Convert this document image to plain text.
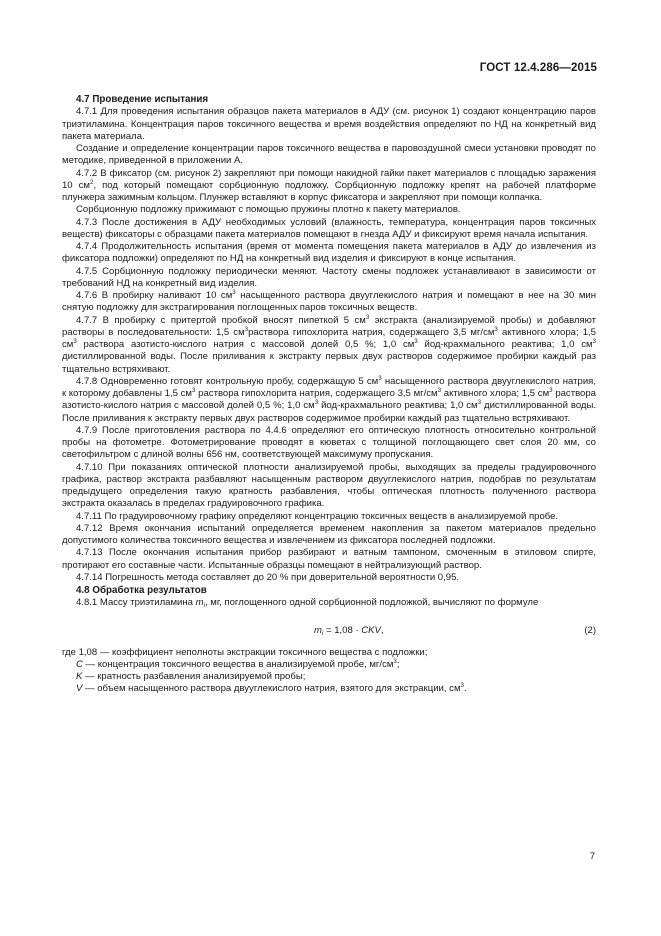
ГОСТ 12.4.286—2015
4.7 Проведение испытания

4.7.1 Для проведения испытания образцов пакета материалов в АДУ (см. рисунок 1) создают концентрацию паров триэтиламина. Концентрация паров токсичного вещества и время воздействия определяют по НД на конкретный вид пакета материала.

Создание и определение концентрации паров токсичного вещества в паровоздушной смеси установки проводят по методике, приведенной в приложении А.

4.7.2 В фиксатор (см. рисунок 2) закрепляют при помощи накидной гайки пакет материалов с площадью заражения 10 $см^2$, под который помещают сорбционную подложку. Сорбционную подложку крепят на рабочей платформе плунжера зажимным кольцом. Плунжер вставляют в корпус фиксатора и закрепляют при помощи колпачка.

Сорбционную подложку прижимают с помощью пружины плотно к пакету материалов.

4.7.3 После достижения в АДУ необходимых условий (влажность, температура, концентрация паров токсичных веществ) фиксаторы с образцами пакета материалов помещают в гнезда АДУ и фиксируют время начала испытания.

4.7.4 Продолжительность испытания (время от момента помещения пакета материалов в АДУ до извлечения из фиксатора подложки) определяют по НД на конкретный вид изделия и фиксируют в конце испытания.

4.7.5 Сорбционную подложку периодически меняют. Частоту смены подложек устанавливают в зависимости от требований НД на конкретный вид изделия.

4.7.6 В пробирку наливают 10 $см^3$ насыщенного раствора двууглекислого натрия и помещают в нее на 30 мин снятую подложку для экстрагирования поглощенных паров токсичных веществ.

4.7.7 В пробирку с притертой пробкой вносят пипеткой 5 $см^3$ экстракта (анализируемой пробы) и добавляют растворы в последовательности: 1,5 $см^3раствора$ гипохлорита натрия, содержащего 3,5 $мг/см^3$ активного хлора; 1,5 $см^3$ раствора азотисто-кислого натрия с массовой долей 0,5 %; 1,0 $см^3$ йод-крахмального реактива; 1,0 $см^3$ дистиллированной воды. После приливания к экстракту первых двух растворов содержимое пробирки каждый раз тщательно встряхивают.

4.7.8 Одновременно готовят контрольную пробу, содержащую 5 $см^3$ насыщенного раствора двууглекислого натрия, к которому добавлены 1,5 $см^3$ раствора гипохлорита натрия, содержащего 3,5 $мг/см^3$ активного хлора; 1,5 $см^3$ раствора азотисто-кислого натрия с массовой долей 0,5 %; 1,0 $см^3$ йод-крахмального реактива; 1,0 $см^3$ дистиллированной воды. После приливания к экстракту первых двух растворов содержимое пробирки каждый раз тщательно встряхивают.

4.7.9 После приготовления раствора по 4.4.6 определяют его оптическую плотность относительно контрольной пробы на фотометре. Фотометрирование проводят в кюветах с толщиной поглощающего свет слоя 20 мм, со светофильтром с длиной волны 656 нм, соответствующей максимуму пропускания.

4.7.10 При показаниях оптической плотности анализируемой пробы, выходящих за пределы градуировочного графика, раствор экстракта разбавляют насыщенным раствором двууглекислого натрия, подобрав по результатам предыдущего определения такую кратность разбавления, чтобы оптическая плотность полученного раствора экстракта оказалась в пределах градуировочного графика.

4.7.11 По градуировочному графику определяют концентрацию токсичных веществ в анализируемой пробе.

4.7.12 Время окончания испытаний определяется временем накопления за пакетом материалов предельно допустимого количества токсичного вещества и извлечением из фиксатора последней подложки.

4.7.13 После окончания испытания прибор разбирают и ватным тампоном, смоченным в этиловом спирте, протирают его составные части. Испытанные образцы помещают в нейтрализующий раствор.

4.7.14 Погрешность метода составляет до 20 % при доверительной вероятности 0,95.

4.8 Обработка результатов

4.8.1 Массу триэтиламина $m_i$, мг, поглощенного одной сорбционной подложкой, вычисляют по формуле

$m_i = 1,08$ · CKV,	(2)

где 1,08 — коэффициент неполноты экстракции токсичного вещества с подложки;

C — концентрация токсичного вещества в анализируемой пробе, $мг/см^3$;

K — кратность разбавления анализируемой пробы;

V — объем насыщенного раствора двууглекислого натрия, взятого для экстракции, $см^3$.

7
